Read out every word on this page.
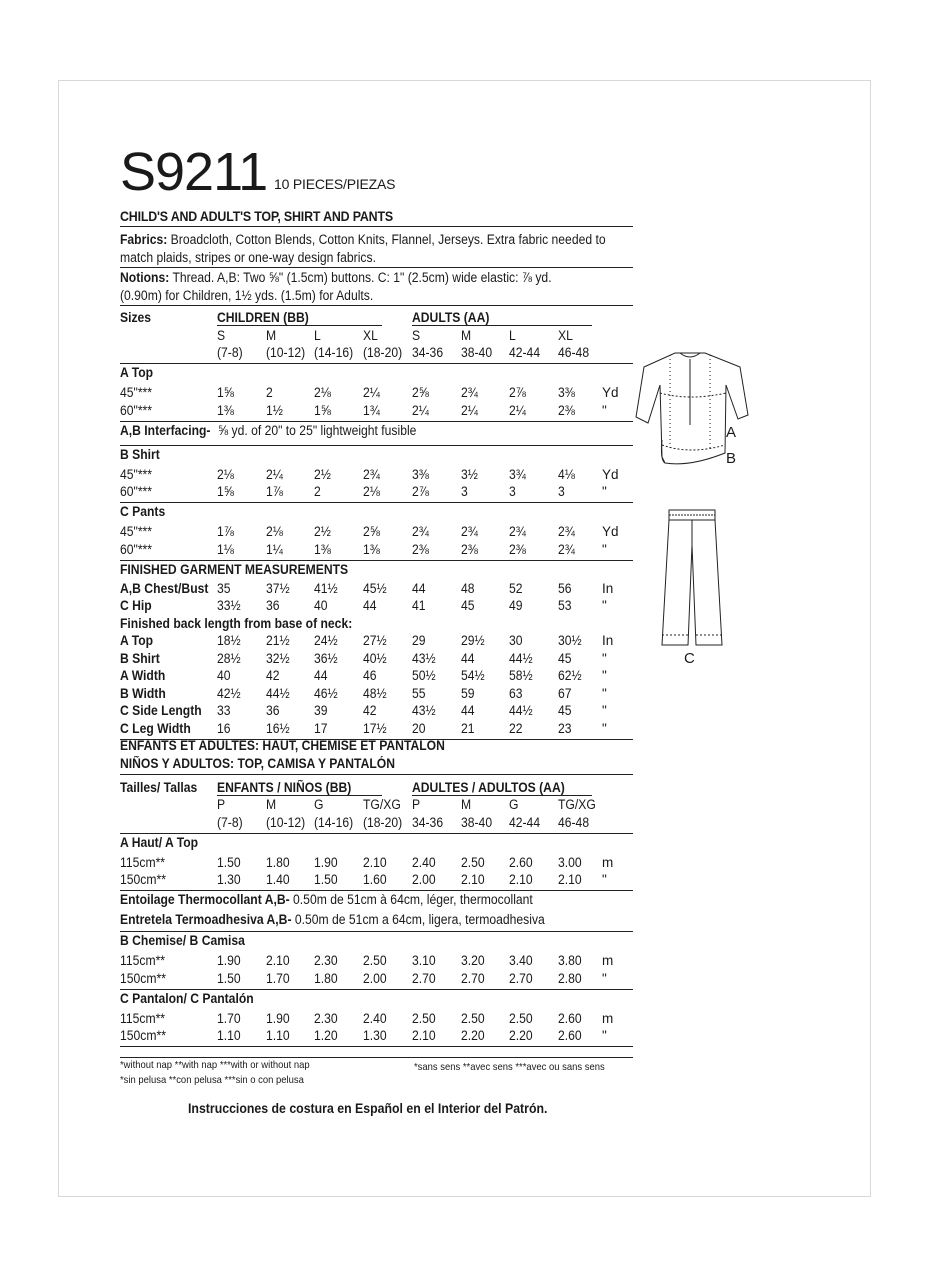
S9211 10 PIECES/PIEZAS
CHILD'S AND ADULT'S TOP, SHIRT AND PANTS
Fabrics: Broadcloth, Cotton Blends, Cotton Knits, Flannel, Jerseys. Extra fabric needed to match plaids, stripes or one-way design fabrics.
Notions: Thread. A,B: Two ⅝" (1.5cm) buttons. C: 1" (2.5cm) wide elastic: ⅞ yd.
(0.90m) for Children, 1½ yds. (1.5m) for Adults.
Sizes	CHILDREN (BB)	ADULTS (AA)
S	M	L	XL	S	M	L	XL
(7-8) (10-12) (14-16) (18-20) 34-36 38-40 42-44 46-48
A Top
45"***	1⅝ 2	2⅛ 2¼ 2⅝ 2¾ 2⅞ 3⅜ Yd
60"***	1⅜ 1½ 1⅝ 1¾ 2¼ 2¼ 2¼ 2⅜ "
A,B Interfacing- ⅝ yd. of 20" to 25" lightweight fusible
B Shirt
45"***	2⅛ 2¼ 2½ 2¾ 3⅜ 3½ 3¾ 4⅛ Yd
60"***	1⅝ 1⅞ 2	2⅛ 2⅞ 3	3	3	"
C Pants
45"***	1⅞ 2⅛ 2½ 2⅝ 2¾ 2¾ 2¾ 2¾ Yd
60"***	1⅛ 1¼ 1⅜ 1⅜ 2⅜ 2⅜ 2⅜ 2¾ "
FINISHED GARMENT MEASUREMENTS
A,B Chest/Bust 35	37½ 41½ 45½ 44	48	52	56 In
C Hip	33½ 36	40	44	41	45	49	53 "
Finished back length from base of neck:
A Top	18½ 21½ 24½ 27½ 29	29½ 30	30½ In
B Shirt	28½ 32½ 36½ 40½ 43½ 44	44½ 45 "
A Width	40	42	44	46	50½ 54½ 58½ 62½ "
B Width	42½ 44½ 46½ 48½ 55	59	63	67 "
C Side Length 33	36	39	42	43½ 44	44½ 45 "
C Leg Width 16	16½ 17	17½ 20	21	22	23 "
ENFANTS ET ADULTES: HAUT, CHEMISE ET PANTALON
NIÑOS Y ADULTOS: TOP, CAMISA Y PANTALÓN
Tailles/ Tallas ENFANTS / NIÑOS (BB)	ADULTES / ADULTOS (AA)
P	M	G	TG/XG P	M	G	TG/XG
(7-8) (10-12) (14-16) (18-20) 34-36 38-40 42-44 46-48
A Haut/ A Top
115cm**	1.50 1.80 1.90 2.10 2.40 2.50 2.60 3.00 m
150cm**	1.30 1.40 1.50 1.60 2.00 2.10 2.10 2.10 "
Entoilage Thermocollant A,B- 0.50m de 51cm à 64cm, léger, thermocollant
Entretela Termoadhesiva A,B- 0.50m de 51cm a 64cm, ligera, termoadhesiva
B Chemise/ B Camisa
115cm**	1.90 2.10 2.30 2.50 3.10 3.20 3.40 3.80 m
150cm**	1.50 1.70 1.80 2.00 2.70 2.70 2.70 2.80 "
C Pantalon/ C Pantalón
115cm**	1.70 1.90 2.30 2.40 2.50 2.50 2.50 2.60 m
150cm**	1.10 1.10 1.20 1.30 2.10 2.20 2.20 2.60 "
*without nap **with nap ***with or without nap
*sin pelusa **con pelusa ***sin o con pelusa
*sans sens **avec sens ***avec ou sans sens
Instrucciones de costura en Español en el Interior del Patrón.
A
B
C
